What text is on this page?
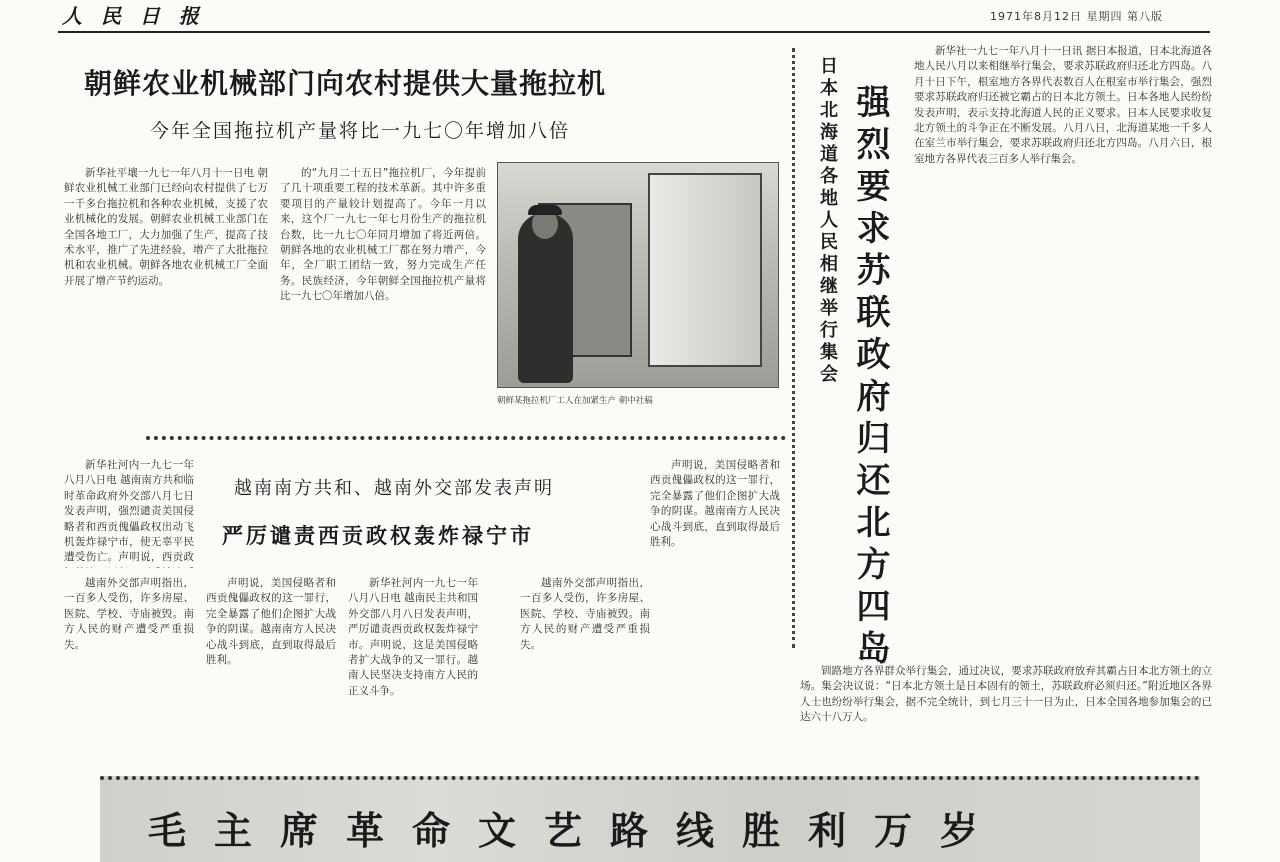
人 民 日 报	1971年8月12日 星期四 第八版
朝鲜农业机械部门向农村提供大量拖拉机
今年全国拖拉机产量将比一九七〇年增加八倍

新华社平壤一九七一年八月十一日电 朝鲜农业机械工业部门已经向农村提供了七万一千多台拖拉机和各种农业机械，支援了农业机械化的发展。朝鲜农业机械工业部门在全国各地工厂，大力加强了生产，提高了技术水平，推广了先进经验，增产了大批拖拉机和农业机械。朝鲜各地农业机械工厂全面开展了增产节约运动。

的“九月二十五日”拖拉机厂，今年提前了几十项重要工程的技术革新。其中许多重要项目的产量较计划提高了。今年一月以来，这个厂一九七一年七月份生产的拖拉机台数，比一九七〇年同月增加了将近两倍。朝鲜各地的农业机械工厂都在努力增产，今年，全厂职工团结一致，努力完成生产任务。民族经济，今年朝鲜全国拖拉机产量将比一九七〇年增加八倍。

朝鲜某拖拉机厂工人在加紧生产 朝中社稿
越南南方共和、越南外交部发表声明
严厉谴责西贡政权轰炸禄宁市

新华社河内一九七一年八月八日电 越南南方共和临时革命政府外交部八月七日发表声明，强烈谴责美国侵略者和西贡傀儡政权出动飞机轰炸禄宁市，使无辜平民遭受伤亡。声明说，西贡政

越南外交部声明指出，一百多人受伤，许多房屋、医院、学校、寺庙被毁。南方人民的财产遭受严重损失。

声明说，美国侵略者和西贡傀儡政权的这一罪行，完全暴露了他们企图扩大战争的阴谋。越南南方人民决心战斗到底，直到取得最后胜利。

新华社河内一九七一年八月八日电 越南民主共和国外交部八月八日发表声明，严厉谴责西贡政权轰炸禄宁市。声明说，这是美国侵略者扩大战争的又一罪行。越南人民坚决支持南方人民的正义斗争。

越南外交部声明指出，一百多人受伤，许多房屋、医院、学校、寺庙被毁。南方人民的财产遭受严重损失。

声明说，美国侵略者和西贡傀儡政权的这一罪行，完全暴露了他们企图扩大战争的阴谋。越南南方人民决心战斗到底，直到取得最后胜利。

日本北海道各地人民相继举行集会 强烈要求苏联政府归还北方四岛

新华社一九七一年八月十一日讯 据日本报道，日本北海道各地人民八月以来相继举行集会，要求苏联政府归还北方四岛。八月十日下午，根室地方各界代表数百人在根室市举行集会，强烈要求苏联政府归还被它霸占的日本北方领土。日本各地人民纷纷发表声明，表示支持北海道人民的正义要求。日本人民要求收复北方领土的斗争正在不断发展。八月八日，北海道某地一千多人在室兰市举行集会，要求苏联政府归还北方四岛。八月六日，根室地方各界代表三百多人举行集会。

钏路地方各界群众举行集会，通过决议，要求苏联政府放弃其霸占日本北方领土的立场。集会决议说：“日本北方领土是日本固有的领土，苏联政府必须归还。”附近地区各界人士也纷纷举行集会，据不完全统计，到七月三十一日为止，日本全国各地参加集会的已达六十八万人。

毛主席革命文艺路线胜利万岁
